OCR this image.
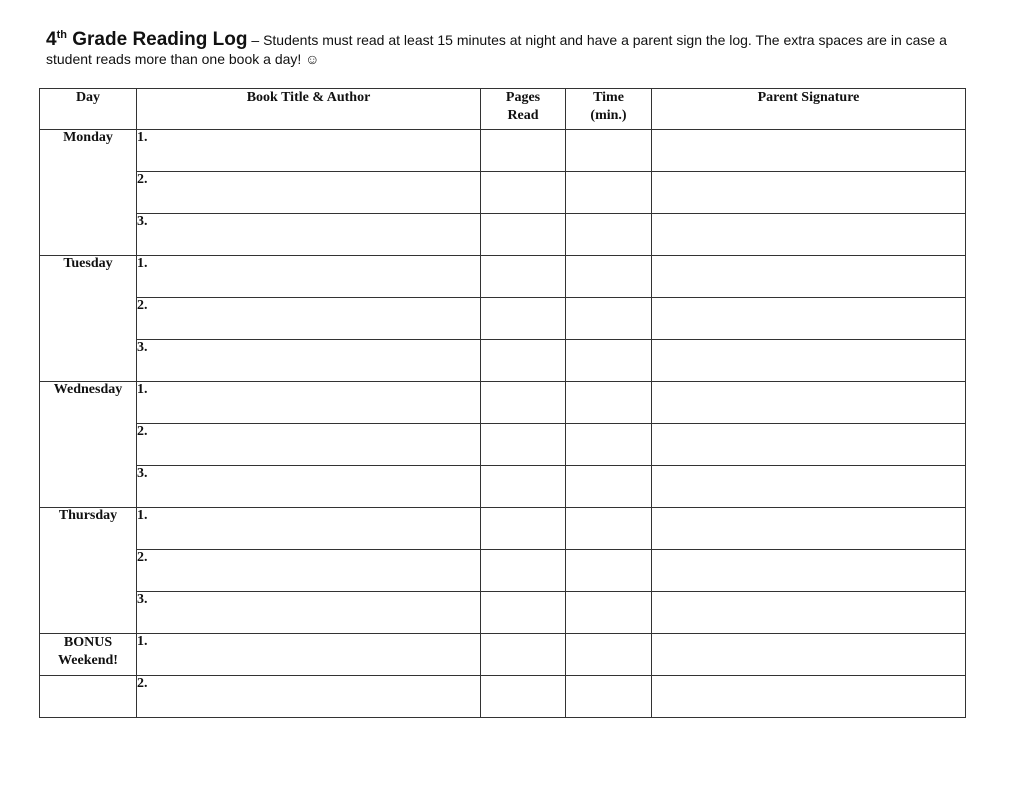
4th Grade Reading Log – Students must read at least 15 minutes at night and have a parent sign the log. The extra spaces are in case a student reads more than one book a day! ☺
Day	Book Title & Author	Pages Read	Time (min.)	Parent Signature
Monday	1.			
	2.			
	3.			
Tuesday	1.			
	2.			
	3.			
Wednesday	1.			
	2.			
	3.			
Thursday	1.			
	2.			
	3.			
BONUS Weekend!	1.			
	2.			
